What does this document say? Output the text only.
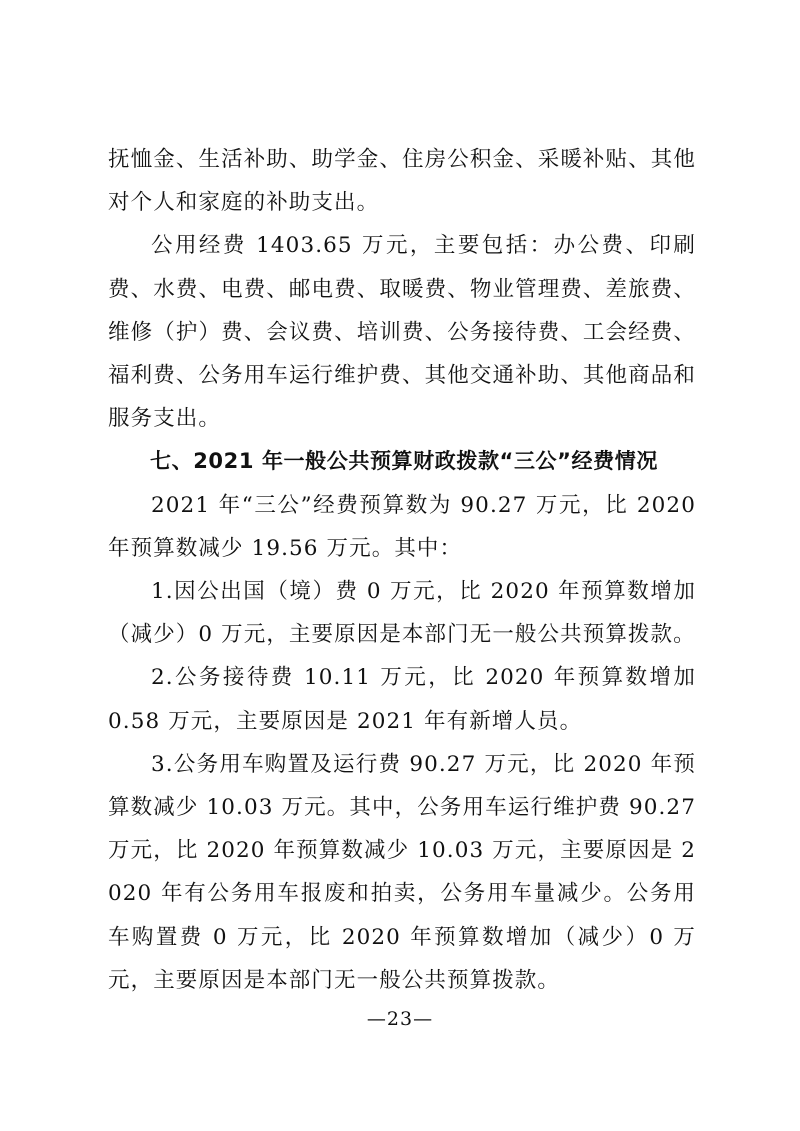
抚恤金、生活补助、助学金、住房公积金、采暖补贴、其他对个人和家庭的补助支出。

公用经费 1403.65 万元，主要包括：办公费、印刷费、水费、电费、邮电费、取暖费、物业管理费、差旅费、维修（护）费、会议费、培训费、公务接待费、工会经费、福利费、公务用车运行维护费、其他交通补助、其他商品和服务支出。

七、2021 年一般公共预算财政拨款“三公”经费情况

2021 年“三公”经费预算数为 90.27 万元，比 2020 年预算数减少 19.56 万元。其中：

1.因公出国（境）费 0 万元，比 2020 年预算数增加（减少）0 万元，主要原因是本部门无一般公共预算拨款。

2.公务接待费 10.11 万元，比 2020 年预算数增加 0.58 万元，主要原因是 2021 年有新增人员。

3.公务用车购置及运行费 90.27 万元，比 2020 年预算数减少 10.03 万元。其中，公务用车运行维护费 90.27 万元，比 2020 年预算数减少 10.03 万元，主要原因是 2020 年有公务用车报废和拍卖，公务用车量减少。公务用车购置费 0 万元，比 2020 年预算数增加（减少）0 万元，主要原因是本部门无一般公共预算拨款。

—23—
